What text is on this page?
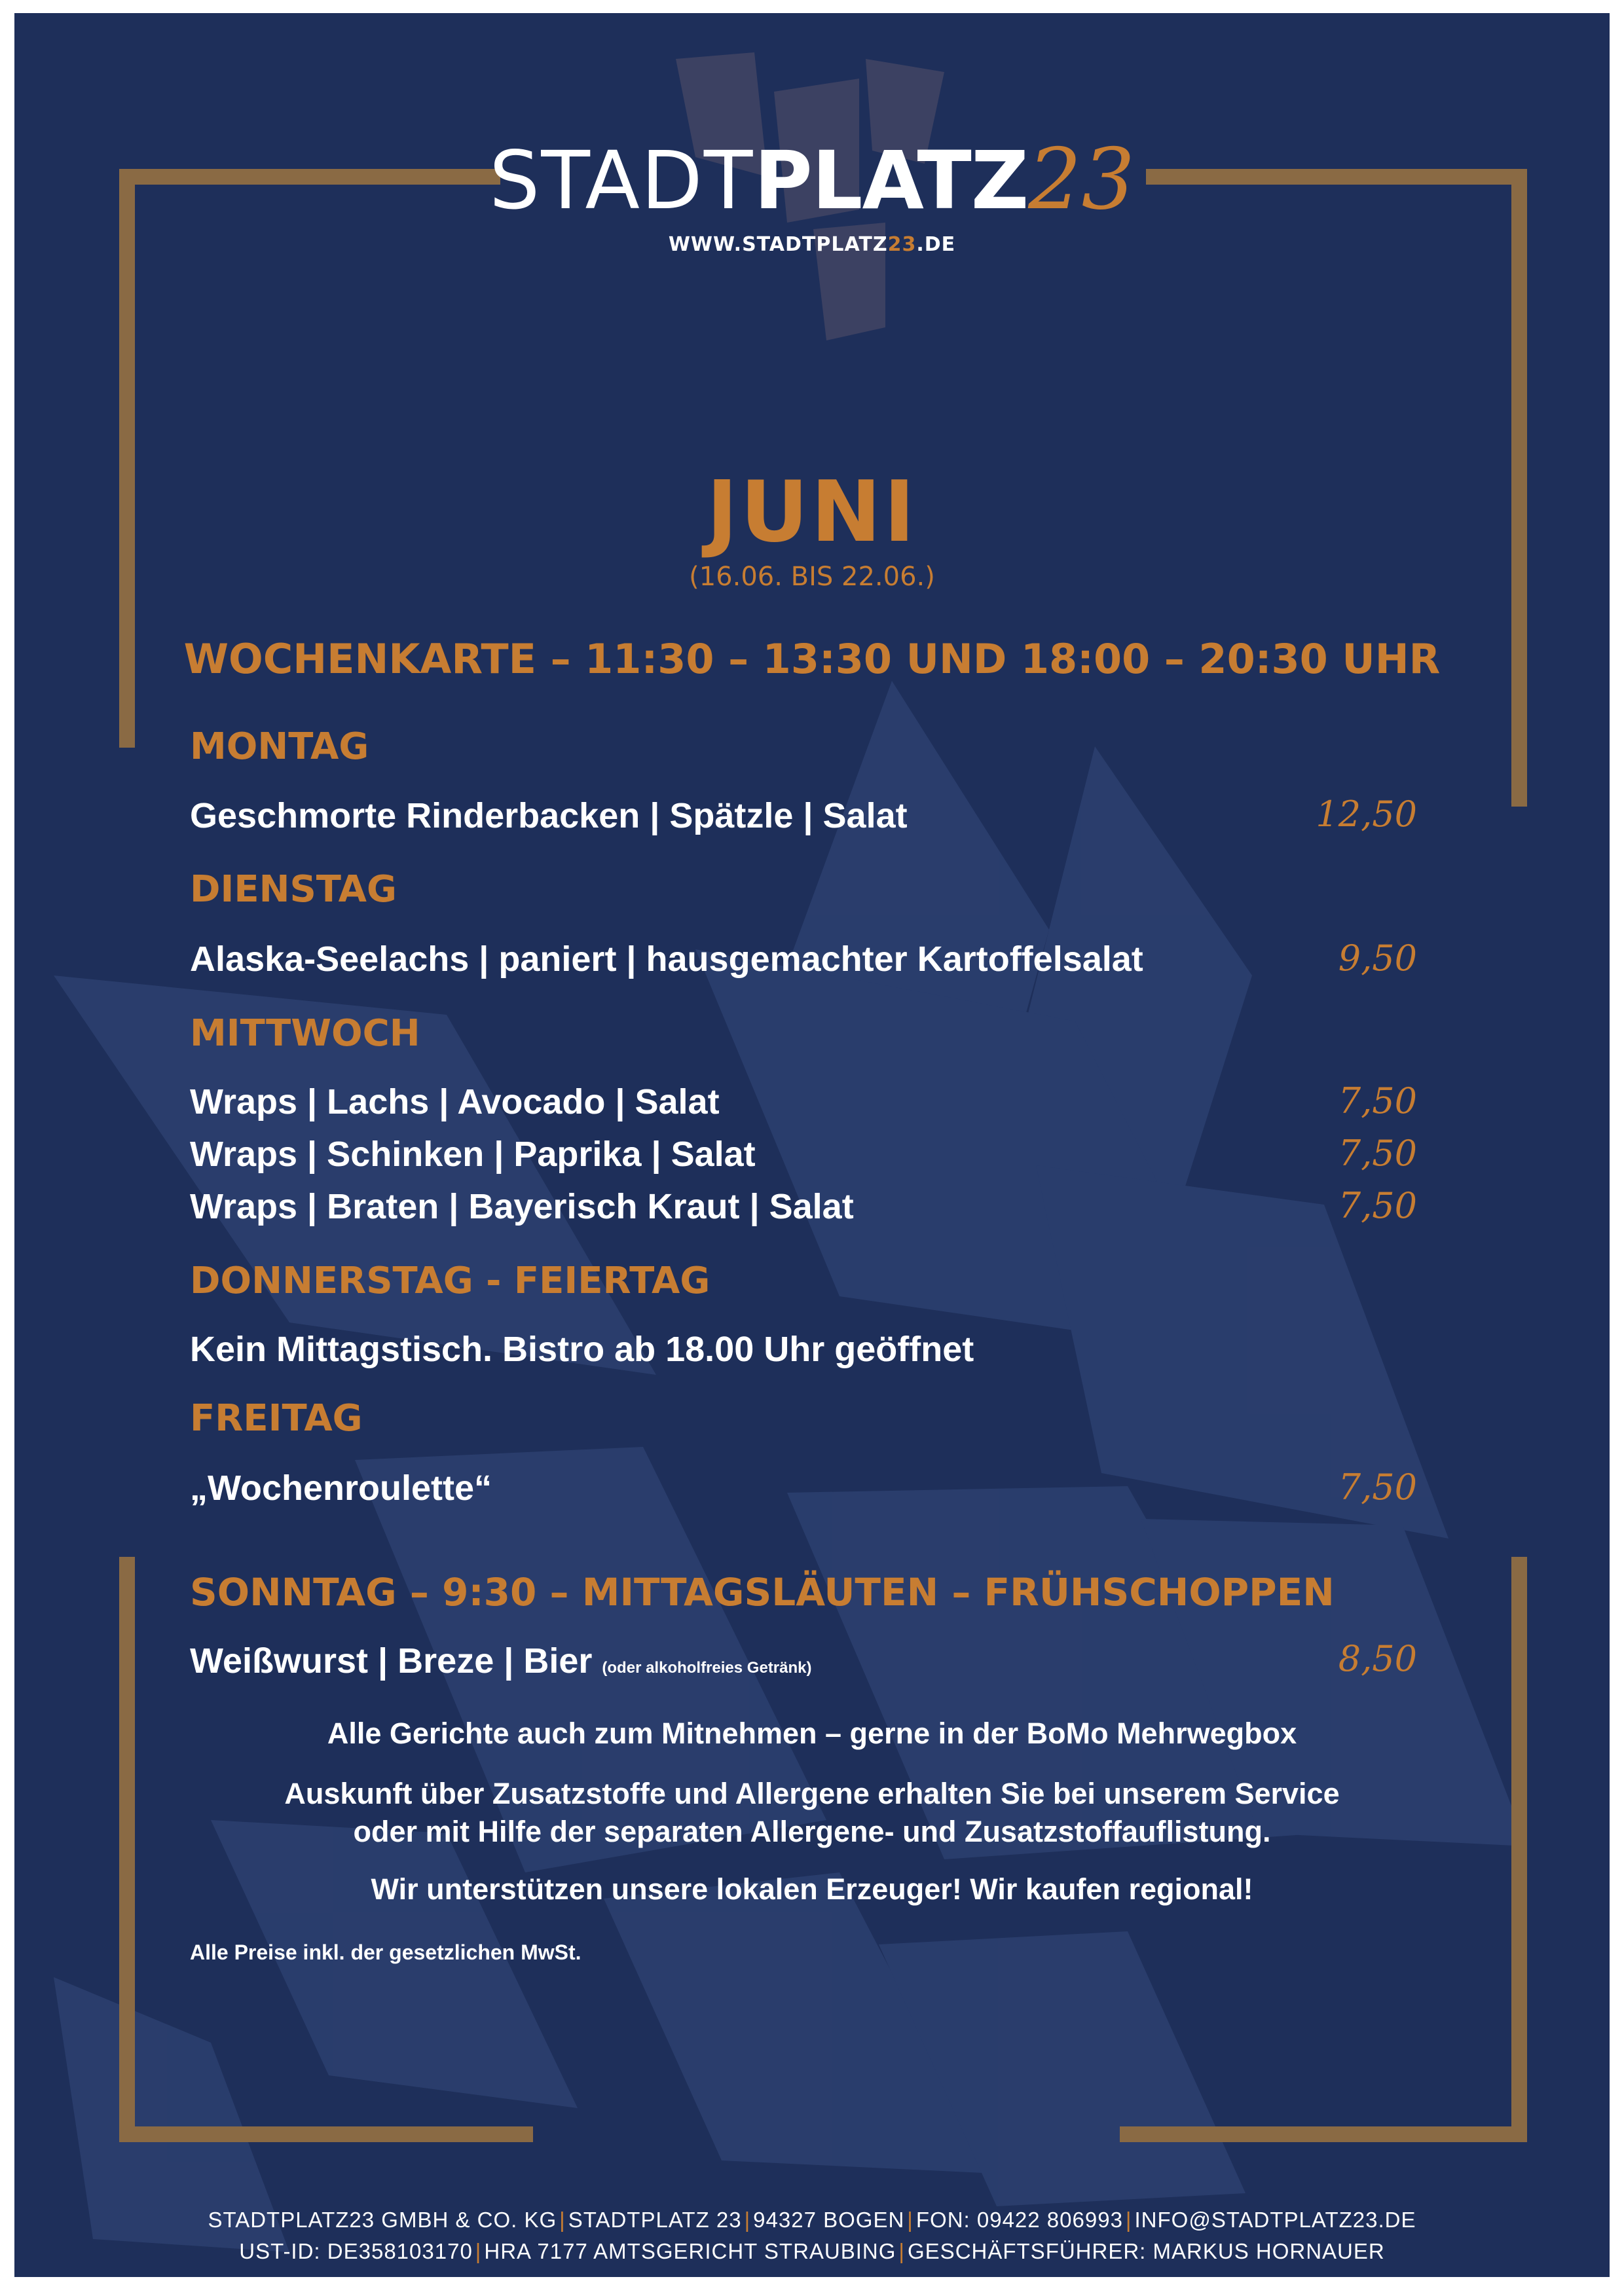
STADTPLATZ23
WWW.STADTPLATZ23.DE
JUNI
(16.06. BIS 22.06.)
WOCHENKARTE – 11:30 – 13:30 UND 18:00 – 20:30 UHR
MONTAG
Geschmorte Rinderbacken | Spätzle | Salat	12,50
DIENSTAG
Alaska-Seelachs | paniert | hausgemachter Kartoffelsalat	9,50
MITTWOCH
Wraps | Lachs | Avocado | Salat	7,50
Wraps | Schinken | Paprika | Salat	7,50
Wraps | Braten | Bayerisch Kraut | Salat	7,50
DONNERSTAG - FEIERTAG
Kein Mittagstisch. Bistro ab 18.00 Uhr geöffnet
FREITAG
„Wochenroulette“	7,50
SONNTAG – 9:30 – MITTAGSLÄUTEN – FRÜHSCHOPPEN
Weißwurst | Breze | Bier (oder alkoholfreies Getränk)	8,50
Alle Gerichte auch zum Mitnehmen – gerne in der BoMo Mehrwegbox
Auskunft über Zusatzstoffe und Allergene erhalten Sie bei unserem Service
oder mit Hilfe der separaten Allergene- und Zusatzstoffauflistung.
Wir unterstützen unsere lokalen Erzeuger! Wir kaufen regional!
Alle Preise inkl. der gesetzlichen MwSt.
STADTPLATZ23 GMBH & CO. KG | STADTPLATZ 23 | 94327 BOGEN | FON: 09422 806993 | INFO@STADTPLATZ23.DE
UST-ID: DE358103170 | HRA 7177 AMTSGERICHT STRAUBING | GESCHÄFTSFÜHRER: MARKUS HORNAUER
